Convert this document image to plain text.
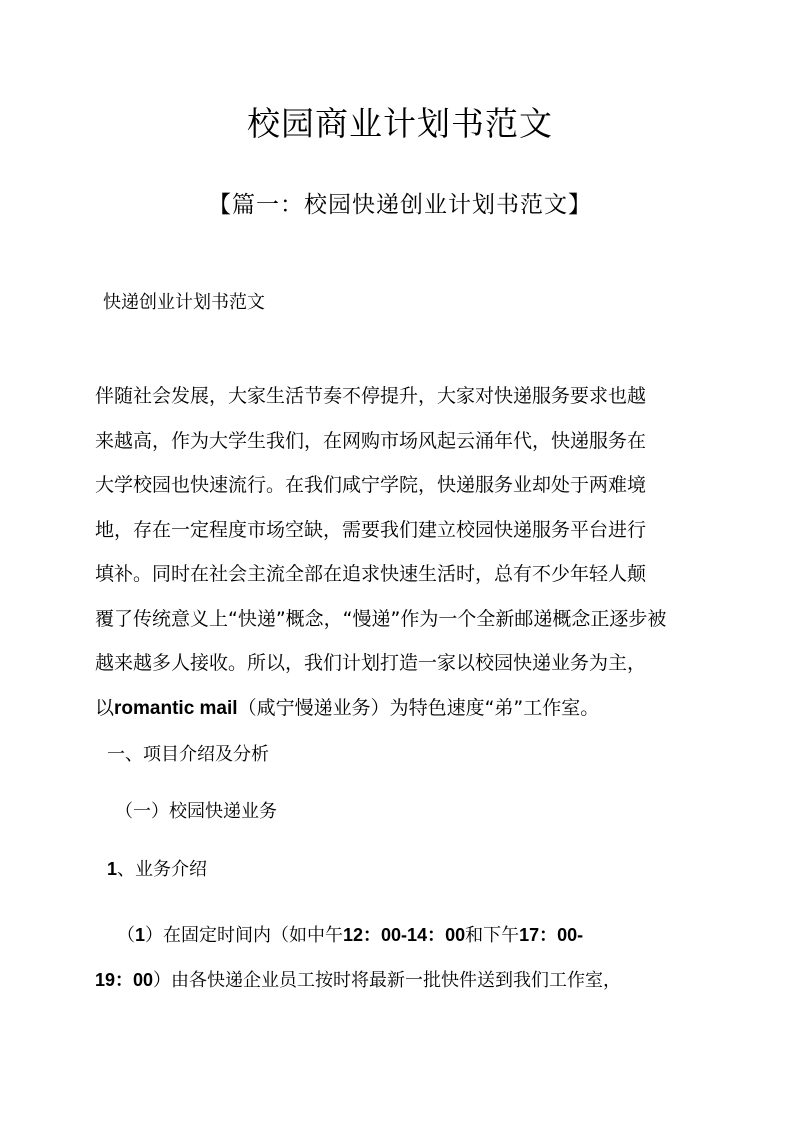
校园商业计划书范文
【篇一：校园快递创业计划书范文】
快递创业计划书范文
伴随社会发展，大家生活节奏不停提升，大家对快递服务要求也越
来越高，作为大学生我们，在网购市场风起云涌年代，快递服务在
大学校园也快速流行。在我们咸宁学院，快递服务业却处于两难境
地，存在一定程度市场空缺，需要我们建立校园快递服务平台进行
填补。同时在社会主流全部在追求快速生活时，总有不少年轻人颠
覆了传统意义上“快递”概念，“慢递”作为一个全新邮递概念正逐步被
越来越多人接收。所以，我们计划打造一家以校园快递业务为主，
以romantic mail（咸宁慢递业务）为特色速度“弟”工作室。
一、项目介绍及分析
（一）校园快递业务
1、业务介绍
（1）在固定时间内（如中午12：00-14：00和下午17：00-
19：00）由各快递企业员工按时将最新一批快件送到我们工作室，
